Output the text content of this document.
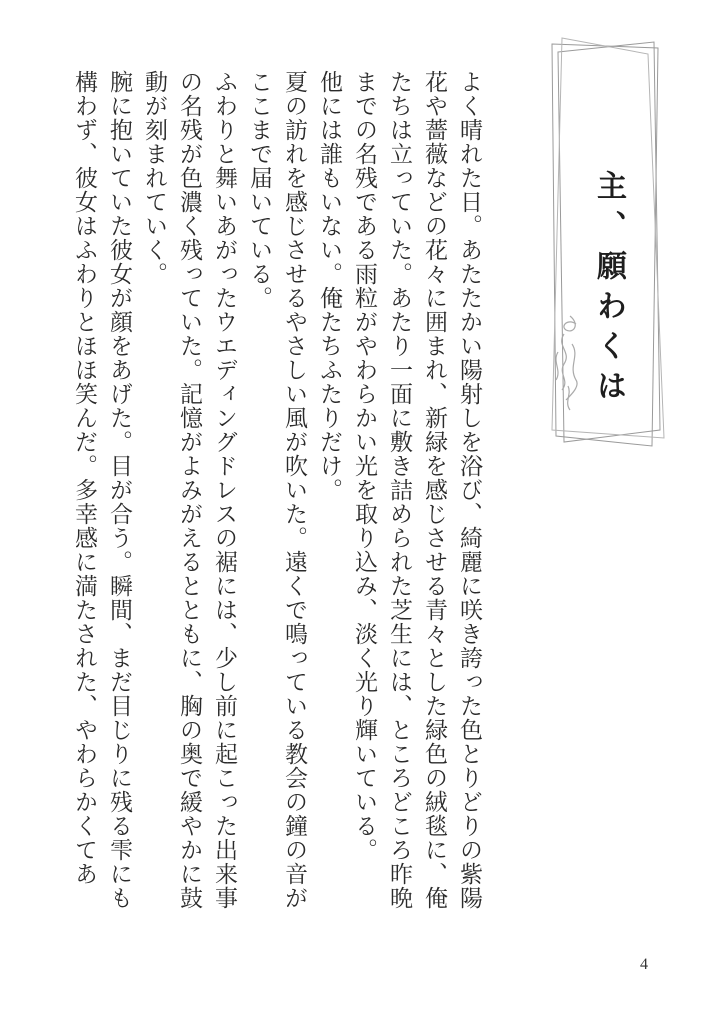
よく晴れた日。あたたかい陽射しを浴び、綺麗に咲き誇った色とりどりの紫陽花や薔薇などの花々に囲まれ、新緑を感じさせる青々とした緑色の絨毯に、俺たちは立っていた。あたり一面に敷き詰められた芝生には、ところどころ昨晩までの名残である雨粒がやわらかい光を取り込み、淡く光り輝いている。

他には誰もいない。俺たちふたりだけ。

夏の訪れを感じさせるやさしい風が吹いた。遠くで鳴っている教会の鐘の音がここまで届いている。

ふわりと舞いあがったウエディングドレスの裾には、少し前に起こった出来事の名残が色濃く残っていた。記憶がよみがえるとともに、胸の奥で緩やかに鼓動が刻まれていく。

腕に抱いていた彼女が顔をあげた。目が合う。瞬間、まだ目じりに残る雫にも構わず、彼女はふわりとほほ笑んだ。多幸感に満たされた、やわらかくてあ	主、願わくは
4
